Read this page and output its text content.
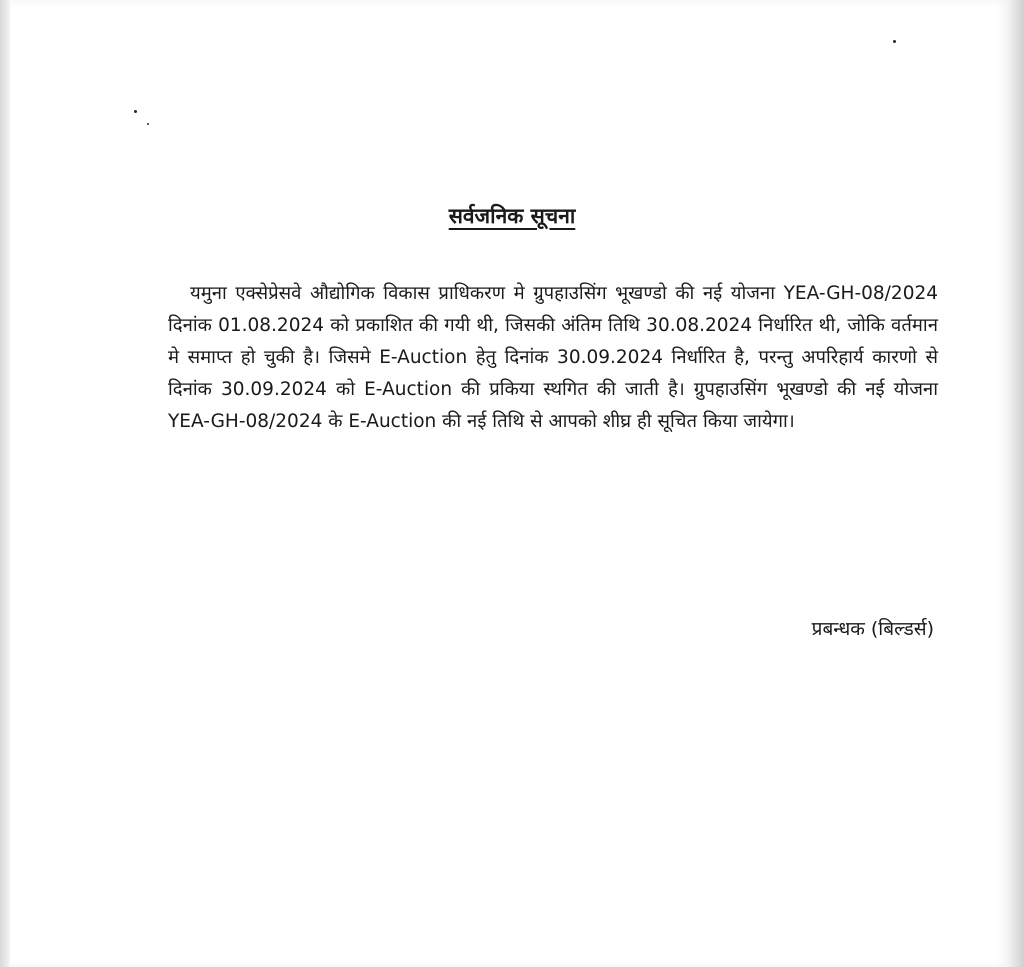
सर्वजनिक सूचना

यमुना एक्सेप्रेसवे औद्योगिक विकास प्राधिकरण मे ग्रुपहाउसिंग भूखण्डो की नई योजना YEA-GH-08/2024 दिनांक 01.08.2024 को प्रकाशित की गयी थी, जिसकी अंतिम तिथि 30.08.2024 निर्धारित थी, जोकि वर्तमान मे समाप्त हो चुकी है। जिसमे E-Auction हेतु दिनांक 30.09.2024 निर्धारित है, परन्तु अपरिहार्य कारणो से दिनांक 30.09.2024 को E-Auction की प्रकिया स्थगित की जाती है। ग्रुपहाउसिंग भूखण्डो की नई योजना YEA-GH-08/2024 के E-Auction की नई तिथि से आपको शीघ्र ही सूचित किया जायेगा।

प्रबन्धक (बिल्डर्स)
